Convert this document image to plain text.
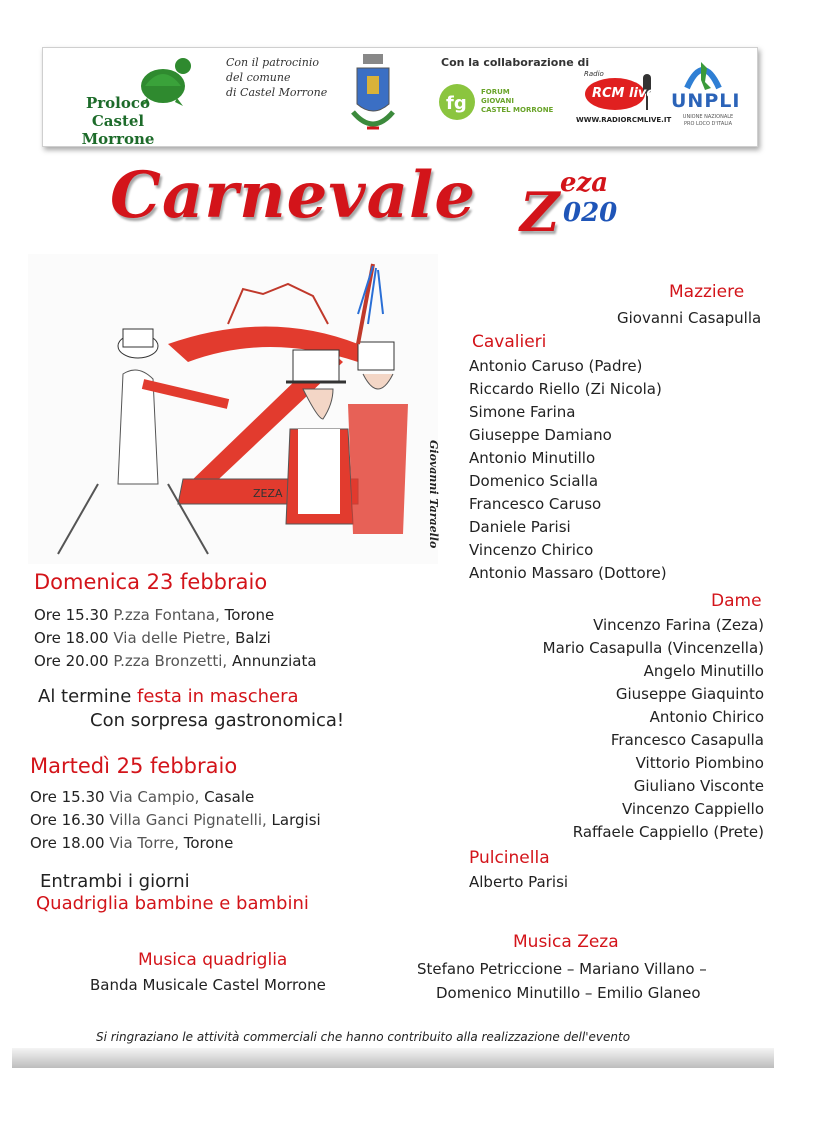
Proloco
Castel Morrone
Con il patrocinio
del comune
di Castel Morrone
Con la collaborazione di
fg
FORUM
GIOVANI
CASTEL MORRONE
Radio
RCM live
WWW.RADIORCMLIVE.IT
UNPLI
UNIONE NAZIONALE
PRO LOCO D'ITALIA
Carnevale Z eza
020
ZEZA	Giovanni Taraello
Mazziere
Giovanni Casapulla
Cavalieri
Antonio Caruso (Padre)
Riccardo Riello (Zi Nicola)
Simone Farina
Giuseppe Damiano
Antonio Minutillo
Domenico Scialla
Francesco Caruso
Daniele Parisi
Vincenzo Chirico
Antonio Massaro (Dottore)
Dame
Vincenzo Farina (Zeza)
Mario Casapulla (Vincenzella)
Angelo Minutillo
Giuseppe Giaquinto
Antonio Chirico
Francesco Casapulla
Vittorio Piombino
Giuliano Visconte
Vincenzo Cappiello
Raffaele Cappiello (Prete)
Pulcinella
Alberto Parisi
Domenica 23 febbraio
Ore 15.30 P.zza Fontana, Torone
Ore 18.00 Via delle Pietre, Balzi
Ore 20.00 P.zza Bronzetti, Annunziata
Al termine festa in maschera
Con sorpresa gastronomica!
Martedì 25 febbraio
Ore 15.30 Via Campio, Casale
Ore 16.30 Villa Ganci Pignatelli, Largisi
Ore 18.00 Via Torre, Torone
Entrambi i giorni
Quadriglia bambine e bambini
Musica quadriglia
Banda Musicale Castel Morrone
Musica Zeza
Stefano Petriccione – Mariano Villano –
Domenico Minutillo – Emilio Glaneo
Si ringraziano le attività commerciali che hanno contribuito alla realizzazione dell'evento
